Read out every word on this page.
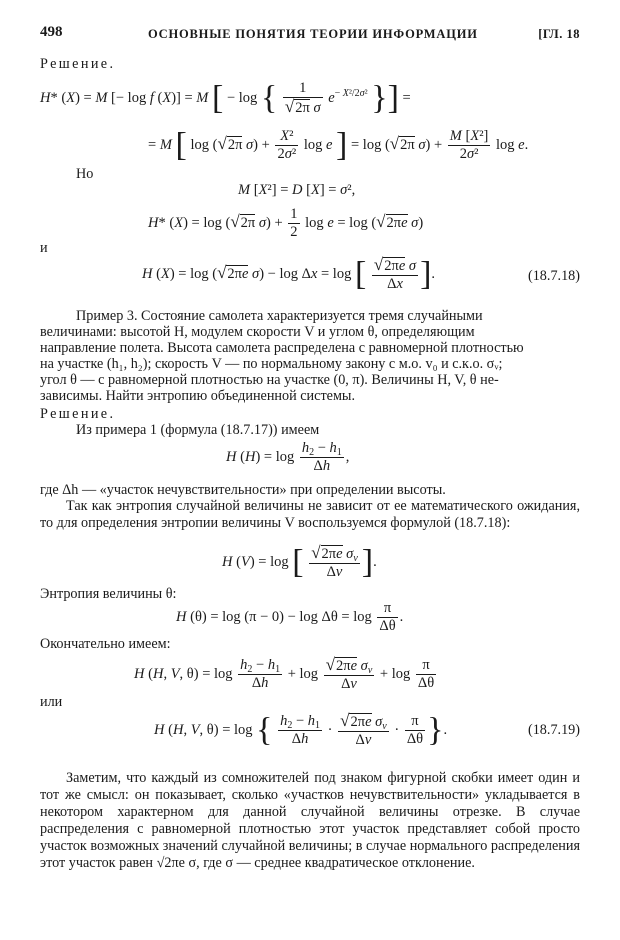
498	ОСНОВНЫЕ ПОНЯТИЯ ТЕОРИИ ИНФОРМАЦИИ	[ГЛ. 18
Решение.
H* (X) = M [− log f (X)] = M [ − log { $\frac{1}{\text{√2π σ}} e^{- X^2/2\sigma^2}$ }] =
= M [ log (√2π $\sigma) + \frac{\text{X²}}{\text{2σ²}}$ log e ] = log (√2π $\sigma) + \frac{\text{M [X²]}}{\text{2σ²}}$ log e.
Но
M [X²] = D [X] = σ²,
H* (X) = log (√2π $\sigma) + \frac{1}{2}$ log e = log (√2πe σ)
и
H (X) = log (√2πe σ) − log Δx = log [ $\frac{\text{√2πe σ}}{\Delta x}$ ].	(18.7.18)
Пример 3. Состояние самолета характеризуется тремя случайными
величинами: высотой H, модулем скорости V и углом θ, определяющим
направление полета. Высота самолета распределена с равномерной плотностью
на участке (h₁, h₂); скорость V — по нормальному закону с м.о. v₀ и с.к.о. σᵥ;
угол θ — с равномерной плотностью на участке (0, π). Величины H, V, θ не-
зависимы. Найти энтропию объединенной системы.
Решение.
Из примера 1 (формула (18.7.17)) имеем
H $(H) = \log \frac{h_2 - h_1}{\Delta h}$ ,
где Δh — «участок нечувствительности» при определении высоты.
Так как энтропия случайной величины не зависит от ее математического ожидания, то для определения энтропии величины V воспользуемся формулой (18.7.18):
H (V) = log [ $\frac{√2\pi e \sigma_v}{\Delta v}$ ].
Энтропия величины θ:
H $(\theta) = \log (\pi - 0) - \log \Delta\theta = \log \frac{\pi}{\Delta\theta}$ .
Окончательно имеем:
H (H, V, $\theta) = \log \frac{h_2 - h_1}{\Delta h} + \log \frac{√2\pi e \sigma_v}{\Delta v} + \log \frac{\pi}{\Delta\theta}$
или
H (H, V, θ) = log { $\frac{h_2 - h_1}{\Delta h} \cdot \frac{√2\pi e \sigma_v}{\Delta v} \cdot \frac{\pi}{\Delta\theta}$ }.	(18.7.19)
Заметим, что каждый из сомножителей под знаком фигурной скобки имеет один и тот же смысл: он показывает, сколько «участков нечувствительности» укладывается в некотором характерном для данной случайной величины отрезке. В случае распределения с равномерной плотностью этот участок представляет собой просто участок возможных значений случайной величины; в случае нормального распределения этот участок равен √2πe σ, где σ — среднее квадратическое отклонение.
